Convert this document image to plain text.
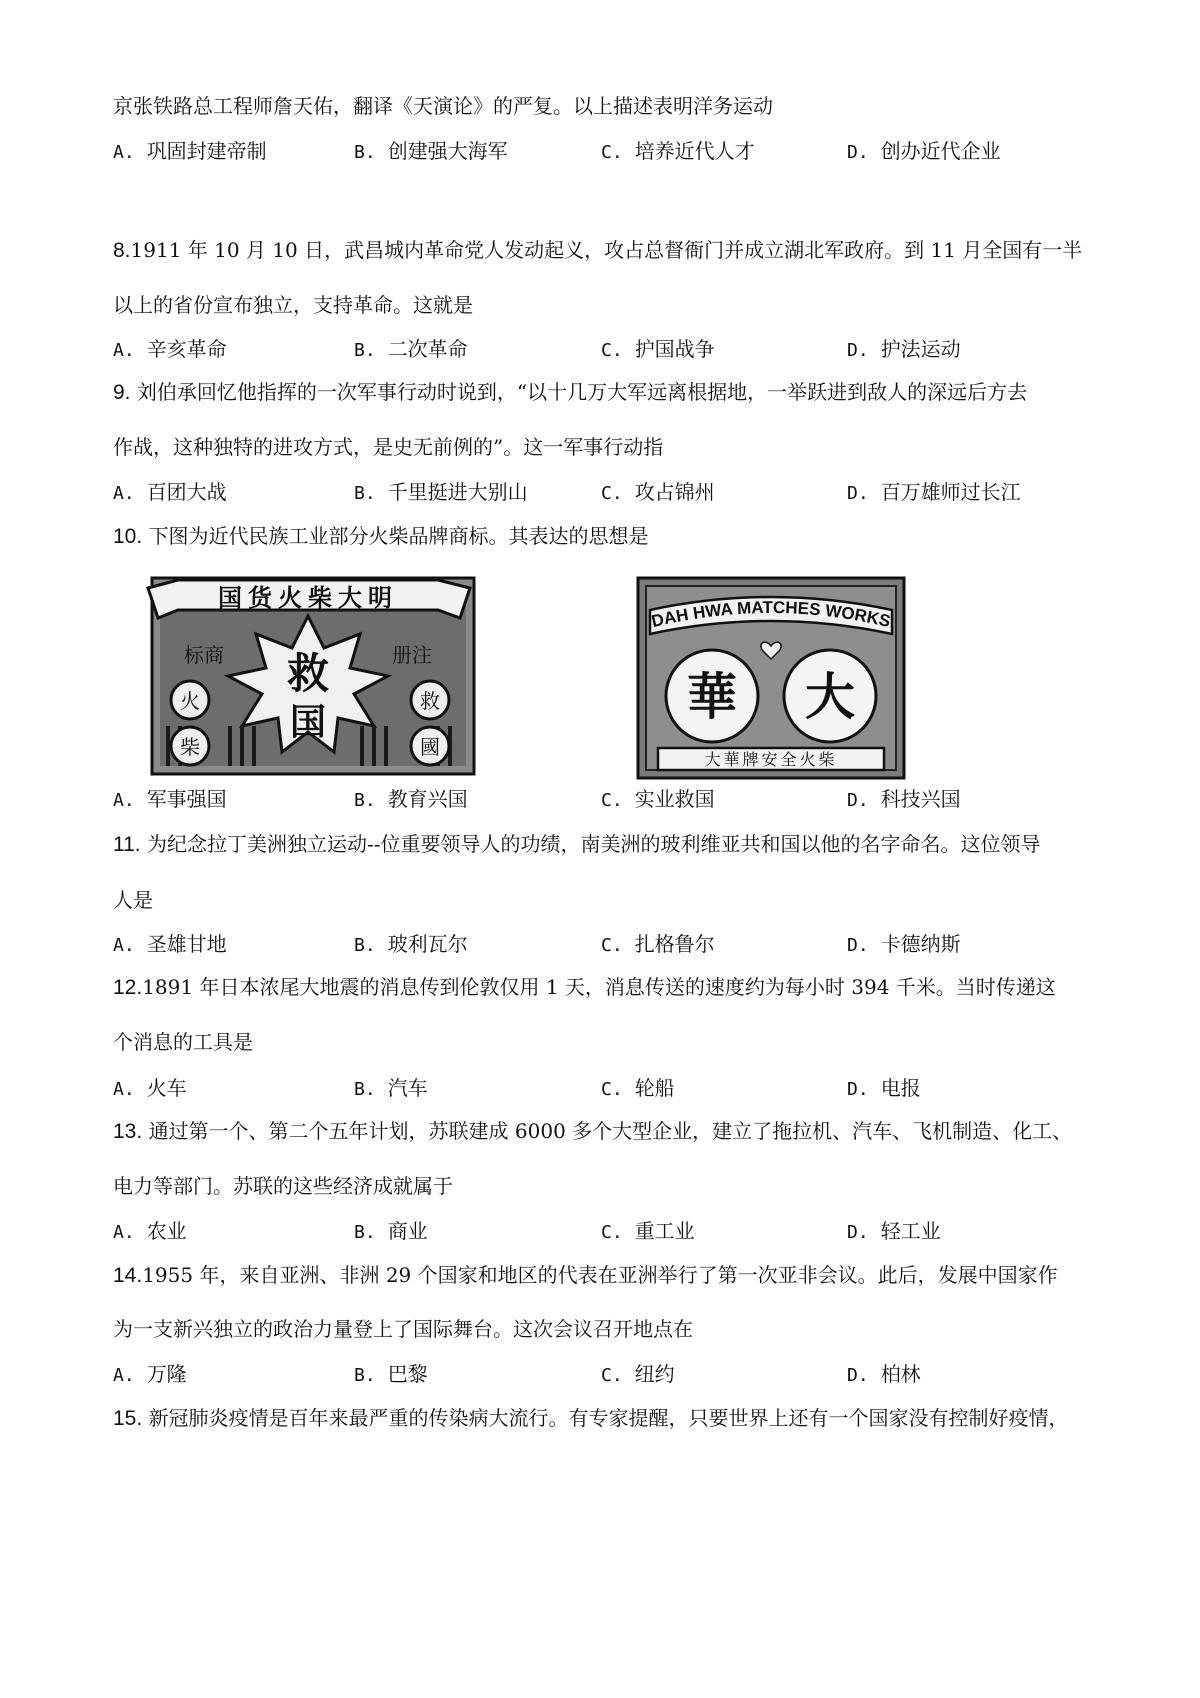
京张铁路总工程师詹天佑，翻译《天演论》的严复。以上描述表明洋务运动
A. 巩固封建帝制	B. 创建强大海军	C. 培养近代人才	D. 创办近代企业
8.1911 年 10 月 10 日，武昌城内革命党人发动起义，攻占总督衙门并成立湖北军政府。到 11 月全国有一半
以上的省份宣布独立，支持革命。这就是
A. 辛亥革命	B. 二次革命	C. 护国战争	D. 护法运动
9. 刘伯承回忆他指挥的一次军事行动时说到，“以十几万大军远离根据地，一举跃进到敌人的深远后方去
作战，这种独特的进攻方式，是史无前例的”。这一军事行动指
A. 百团大战	B. 千里挺进大别山	C. 攻占锦州	D. 百万雄师过长江
10. 下图为近代民族工业部分火柴品牌商标。其表达的思想是
国货火柴大明
标商	册注
救
国
火
柴
救
國
DAH HWA MATCHES WORKS
華 大
大華牌安全火柴
A. 军事强国	B. 教育兴国	C. 实业救国	D. 科技兴国
11. 为纪念拉丁美洲独立运动--位重要领导人的功绩，南美洲的玻利维亚共和国以他的名字命名。这位领导
人是
A. 圣雄甘地	B. 玻利瓦尔	C. 扎格鲁尔	D. 卡德纳斯
12.1891 年日本浓尾大地震的消息传到伦敦仅用 1 天，消息传送的速度约为每小时 394 千米。当时传递这
个消息的工具是
A. 火车	B. 汽车	C. 轮船	D. 电报
13. 通过第一个、第二个五年计划，苏联建成 6000 多个大型企业，建立了拖拉机、汽车、飞机制造、化工、
电力等部门。苏联的这些经济成就属于
A. 农业	B. 商业	C. 重工业	D. 轻工业
14.1955 年，来自亚洲、非洲 29 个国家和地区的代表在亚洲举行了第一次亚非会议。此后，发展中国家作
为一支新兴独立的政治力量登上了国际舞台。这次会议召开地点在
A. 万隆	B. 巴黎	C. 纽约	D. 柏林
15. 新冠肺炎疫情是百年来最严重的传染病大流行。有专家提醒，只要世界上还有一个国家没有控制好疫情，
